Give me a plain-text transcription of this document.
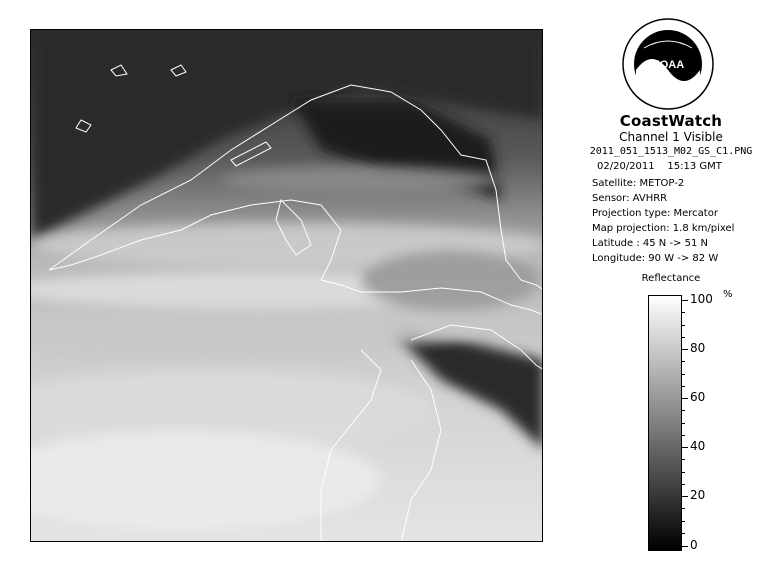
NOAA
CoastWatch
Channel 1 Visible
2011_051_1513_M02_GS_C1.PNG
02/20/2011 15:13 GMT
Satellite: METOP-2
Sensor: AVHRR
Projection type: Mercator
Map projection: 1.8 km/pixel
Latitude : 45 N -> 51 N
Longitude: 90 W -> 82 W
Reflectance
%
100
80
60
40
20
0
